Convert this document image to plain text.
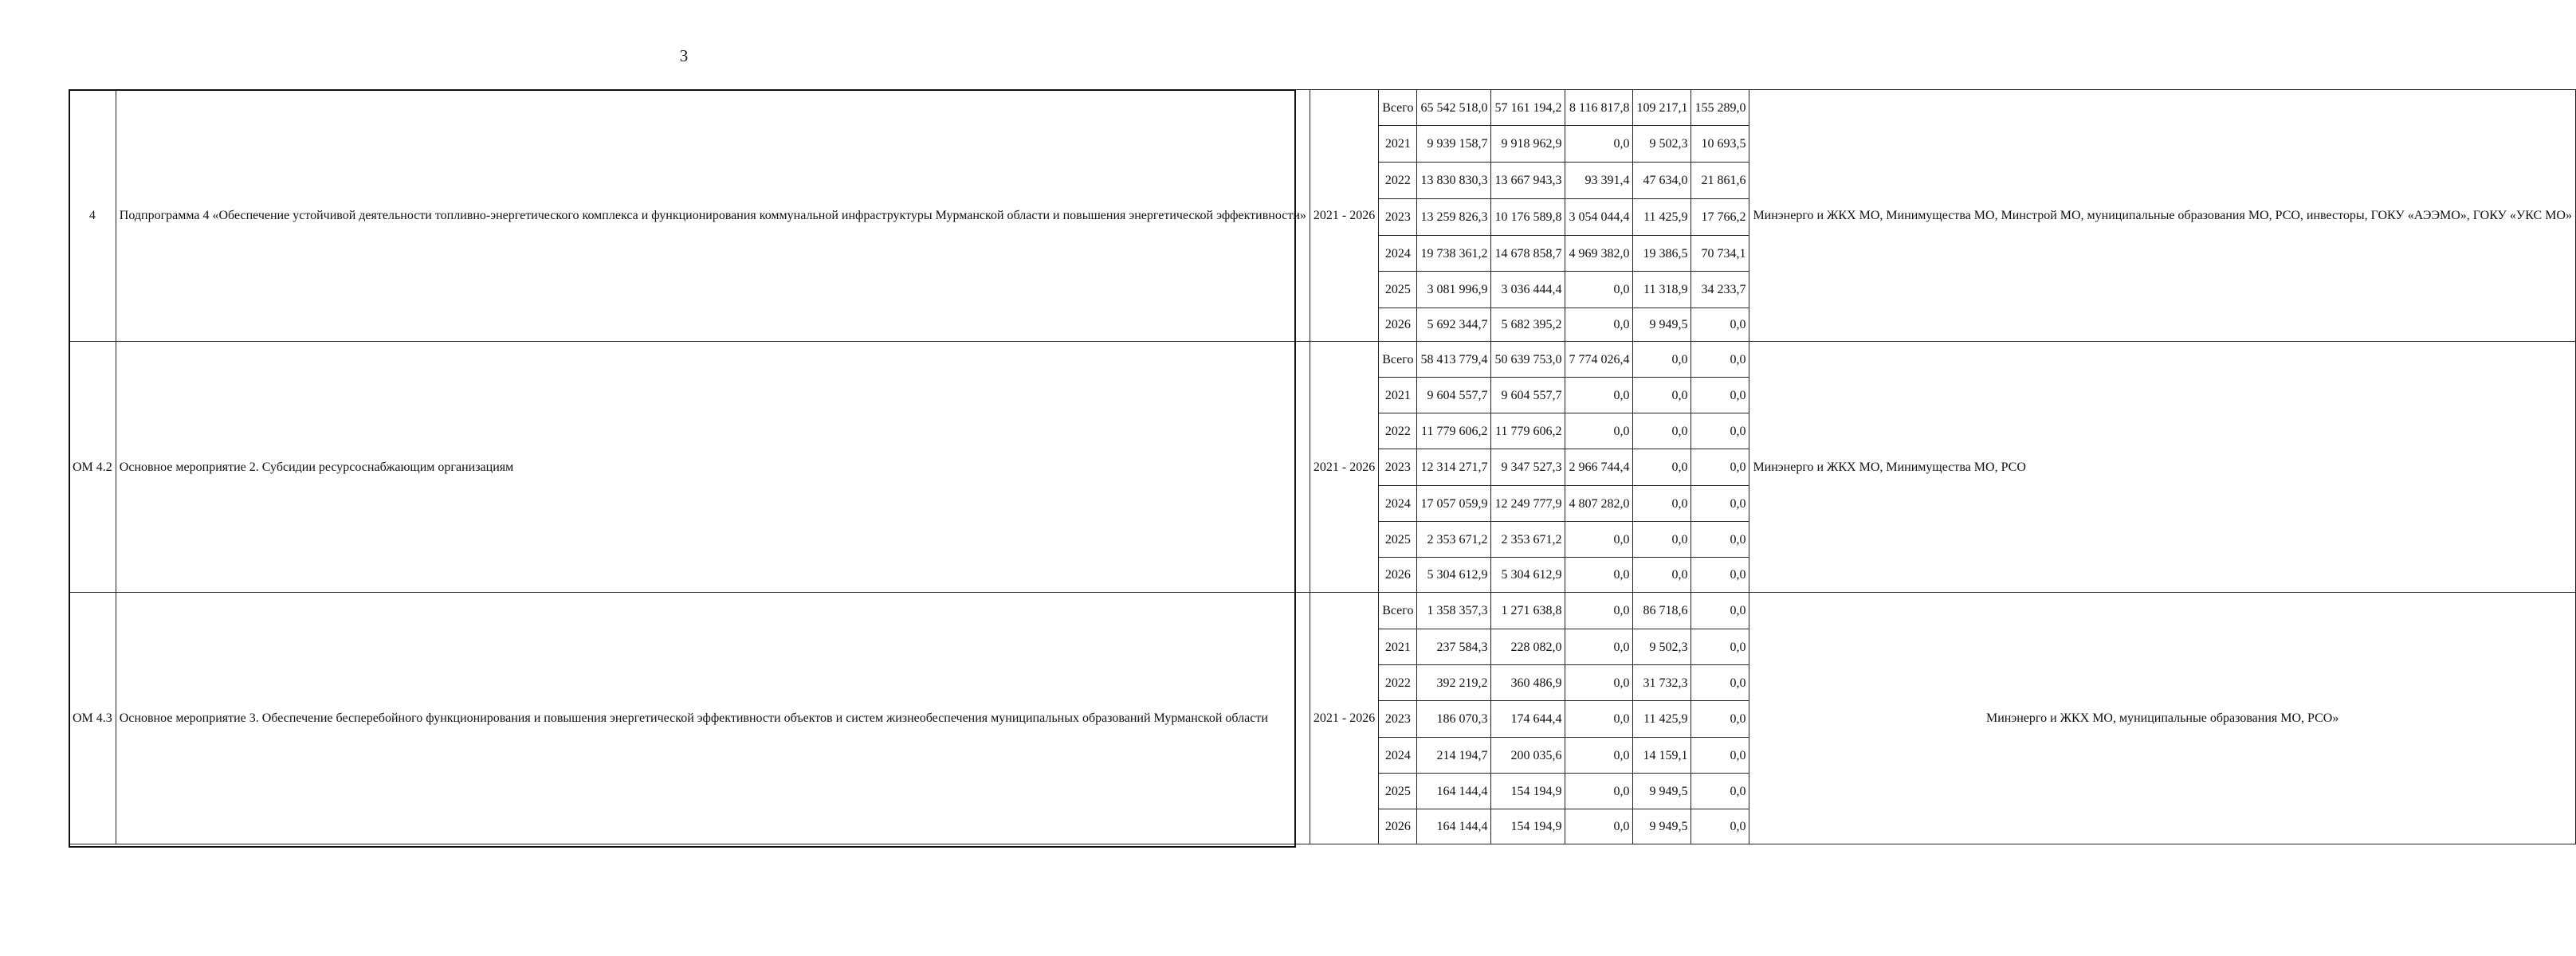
3
4	Подпрограмма 4 «Обеспечение устойчивой деятельности топливно-энергетического комплекса и функционирования коммунальной инфраструктуры Мурманской области и повышения энергетической эффективности»	2021 - 2026	Всего	65 542 518,0	57 161 194,2	8 116 817,8	109 217,1	155 289,0	Минэнерго и ЖКХ МО, Минимущества МО, Минстрой МО, муниципальные образования МО, РСО, инвесторы, ГОКУ «АЭЭМО», ГОКУ «УКС МО»
			2021	9 939 158,7	9 918 962,9	0,0	9 502,3	10 693,5	
			2022	13 830 830,3	13 667 943,3	93 391,4	47 634,0	21 861,6	
			2023	13 259 826,3	10 176 589,8	3 054 044,4	11 425,9	17 766,2	
			2024	19 738 361,2	14 678 858,7	4 969 382,0	19 386,5	70 734,1	
			2025	3 081 996,9	3 036 444,4	0,0	11 318,9	34 233,7	
			2026	5 692 344,7	5 682 395,2	0,0	9 949,5	0,0	
ОМ 4.2	Основное мероприятие 2. Субсидии ресурсоснабжающим организациям	2021 - 2026	Всего	58 413 779,4	50 639 753,0	7 774 026,4	0,0	0,0	Минэнерго и ЖКХ МО, Минимущества МО, РСО
			2021	9 604 557,7	9 604 557,7	0,0	0,0	0,0	
			2022	11 779 606,2	11 779 606,2	0,0	0,0	0,0	
			2023	12 314 271,7	9 347 527,3	2 966 744,4	0,0	0,0	
			2024	17 057 059,9	12 249 777,9	4 807 282,0	0,0	0,0	
			2025	2 353 671,2	2 353 671,2	0,0	0,0	0,0	
			2026	5 304 612,9	5 304 612,9	0,0	0,0	0,0	
ОМ 4.3	Основное мероприятие 3. Обеспечение бесперебойного функционирования и повышения энергетической эффективности объектов и систем жизнеобеспечения муниципальных образований Мурманской области	2021 - 2026	Всего	1 358 357,3	1 271 638,8	0,0	86 718,6	0,0	Минэнерго и ЖКХ МО, муниципальные образования МО, РСО»
			2021	237 584,3	228 082,0	0,0	9 502,3	0,0	
			2022	392 219,2	360 486,9	0,0	31 732,3	0,0	
			2023	186 070,3	174 644,4	0,0	11 425,9	0,0	
			2024	214 194,7	200 035,6	0,0	14 159,1	0,0	
			2025	164 144,4	154 194,9	0,0	9 949,5	0,0	
			2026	164 144,4	154 194,9	0,0	9 949,5	0,0	
